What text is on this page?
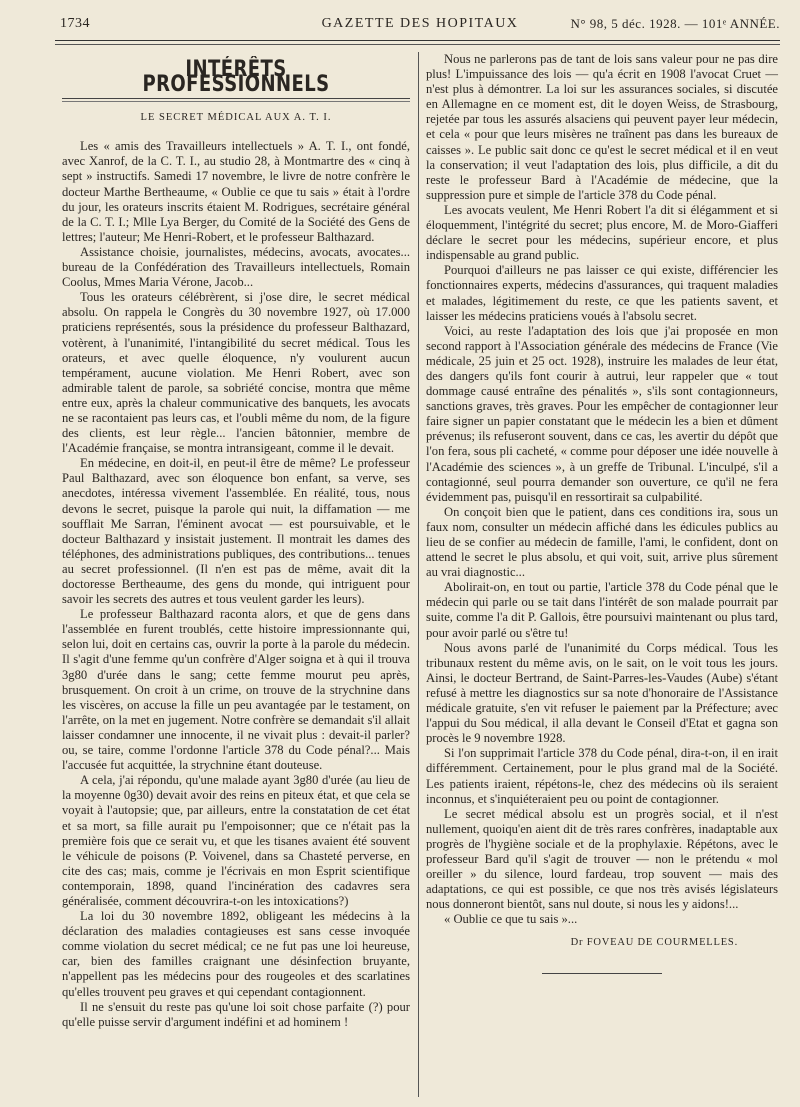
1734	GAZETTE DES HOPITAUX	N° 98, 5 déc. 1928. — 101ᵉ ANNÉE.
INTÉRÊTS PROFESSIONNELS
LE SECRET MÉDICAL AUX A. T. I.

Les « amis des Travailleurs intellectuels » A. T. I., ont fondé, avec Xanrof, de la C. T. I., au studio 28, à Montmartre des « cinq à sept » instructifs. Samedi 17 novembre, le livre de notre confrère le docteur Marthe Bertheaume, « Oublie ce que tu sais » était à l'ordre du jour, les orateurs inscrits étaient M. Rodrigues, secrétaire général de la C. T. I.; Mlle Lya Berger, du Comité de la Société des Gens de lettres; l'auteur; Me Henri-Robert, et le professeur Balthazard.

Assistance choisie, journalistes, médecins, avocats, avocates... bureau de la Confédération des Travailleurs intellectuels, Romain Coolus, Mmes Maria Vérone, Jacob...

Tous les orateurs célébrèrent, si j'ose dire, le secret médical absolu. On rappela le Congrès du 30 novembre 1927, où 17.000 praticiens représentés, sous la présidence du professeur Balthazard, votèrent, à l'unanimité, l'intangibilité du secret médical. Tous les orateurs, et avec quelle éloquence, n'y voulurent aucun tempérament, aucune violation. Me Henri Robert, avec son admirable talent de parole, sa sobriété concise, montra que même entre eux, après la chaleur communicative des banquets, les avocats ne se racontaient pas leurs cas, et l'oubli même du nom, de la figure des clients, est leur règle... l'ancien bâtonnier, membre de l'Académie française, se montra intransigeant, comme il le devait.

En médecine, en doit-il, en peut-il être de même? Le professeur Paul Balthazard, avec son éloquence bon enfant, sa verve, ses anecdotes, intéressa vivement l'assemblée. En réalité, tous, nous devons le secret, puisque la parole qui nuit, la diffamation — me soufflait Me Sarran, l'éminent avocat — est poursuivable, et le docteur Balthazard y insistait justement. Il montrait les dames des téléphones, des administrations publiques, des contributions... tenues au secret professionnel. (Il n'en est pas de même, avait dit la doctoresse Bertheaume, des gens du monde, qui intriguent pour savoir les secrets des autres et tous veulent garder les leurs).

Le professeur Balthazard raconta alors, et que de gens dans l'assemblée en furent troublés, cette histoire impressionnante qui, selon lui, doit en certains cas, ouvrir la porte à la parole du médecin. Il s'agit d'une femme qu'un confrère d'Alger soigna et à qui il trouva 3g80 d'urée dans le sang; cette femme mourut peu après, brusquement. On croit à un crime, on trouve de la strychnine dans les viscères, on accuse la fille un peu avantagée par le testament, on l'arrête, on la met en jugement. Notre confrère se demandait s'il allait laisser condamner une innocente, il ne vivait plus : devait-il parler? ou, se taire, comme l'ordonne l'article 378 du Code pénal?... Mais l'accusée fut acquittée, la strychnine étant douteuse.

A cela, j'ai répondu, qu'une malade ayant 3g80 d'urée (au lieu de la moyenne 0g30) devait avoir des reins en piteux état, et que cela se voyait à l'autopsie; que, par ailleurs, entre la constatation de cet état et sa mort, sa fille aurait pu l'empoisonner; que ce n'était pas la première fois que ce serait vu, et que les tisanes avaient été souvent le véhicule de poisons (P. Voivenel, dans sa Chasteté perverse, en cite des cas; mais, comme je l'écrivais en mon Esprit scientifique contemporain, 1898, quand l'incinération des cadavres sera généralisée, comment découvrira-t-on les intoxications?)

La loi du 30 novembre 1892, obligeant les médecins à la déclaration des maladies contagieuses est sans cesse invoquée comme violation du secret médical; ce ne fut pas une loi heureuse, car, bien des familles craignant une désinfection bruyante, n'appellent pas les médecins pour des rougeoles et des scarlatines qu'elles trouvent peu graves et qui cependant contagionnent.

Il ne s'ensuit du reste pas qu'une loi soit chose parfaite (?) pour qu'elle puisse servir d'argument indéfini et ad hominem !

Nous ne parlerons pas de tant de lois sans valeur pour ne pas dire plus! L'impuissance des lois — qu'a écrit en 1908 l'avocat Cruet — n'est plus à démontrer. La loi sur les assurances sociales, si discutée en Allemagne en ce moment est, dit le doyen Weiss, de Strasbourg, rejetée par tous les assurés alsaciens qui peuvent payer leur médecin, et cela « pour que leurs misères ne traînent pas dans les bureaux de caisses ». Le public sait donc ce qu'est le secret médical et il en veut la conservation; il veut l'adaptation des lois, plus difficile, a dit du reste le professeur Bard à l'Académie de médecine, que la suppression pure et simple de l'article 378 du Code pénal.

Les avocats veulent, Me Henri Robert l'a dit si élégamment et si éloquemment, l'intégrité du secret; plus encore, M. de Moro-Giafferi déclare le secret pour les médecins, supérieur encore, et plus indispensable au grand public.

Pourquoi d'ailleurs ne pas laisser ce qui existe, différencier les fonctionnaires experts, médecins d'assurances, qui traquent maladies et malades, légitimement du reste, ce que les patients savent, et laisser les médecins praticiens voués à l'absolu secret.

Voici, au reste l'adaptation des lois que j'ai proposée en mon second rapport à l'Association générale des médecins de France (Vie médicale, 25 juin et 25 oct. 1928), instruire les malades de leur état, des dangers qu'ils font courir à autrui, leur rappeler que « tout dommage causé entraîne des pénalités », s'ils sont contagionneurs, sanctions graves, très graves. Pour les empêcher de contagionner leur faire signer un papier constatant que le médecin les a bien et dûment prévenus; ils refuseront souvent, dans ce cas, les avertir du dépôt que l'on fera, sous pli cacheté, « comme pour déposer une idée nouvelle à l'Académie des sciences », à un greffe de Tribunal. L'inculpé, s'il a contagionné, seul pourra demander son ouverture, ce qu'il ne fera évidemment pas, puisqu'il en ressortirait sa culpabilité.

On conçoit bien que le patient, dans ces conditions ira, sous un faux nom, consulter un médecin affiché dans les édicules publics au lieu de se confier au médecin de famille, l'ami, le confident, dont on attend le secret le plus absolu, et qui voit, suit, arrive plus sûrement au vrai diagnostic...

Abolirait-on, en tout ou partie, l'article 378 du Code pénal que le médecin qui parle ou se tait dans l'intérêt de son malade pourrait par suite, comme l'a dit P. Gallois, être poursuivi maintenant ou plus tard, pour avoir parlé ou s'être tu!

Nous avons parlé de l'unanimité du Corps médical. Tous les tribunaux restent du même avis, on le sait, on le voit tous les jours. Ainsi, le docteur Bertrand, de Saint-Parres-les-Vaudes (Aube) s'étant refusé à mettre les diagnostics sur sa note d'honoraire de l'Assistance médicale gratuite, s'en vit refuser le paiement par la Préfecture; avec l'appui du Sou médical, il alla devant le Conseil d'Etat et gagna son procès le 9 novembre 1928.

Si l'on supprimait l'article 378 du Code pénal, dira-t-on, il en irait différemment. Certainement, pour le plus grand mal de la Société. Les patients iraient, répétons-le, chez des médecins où ils seraient inconnus, et s'inquiéteraient peu ou point de contagionner.

Le secret médical absolu est un progrès social, et il n'est nullement, quoiqu'en aient dit de très rares confrères, inadaptable aux progrès de l'hygiène sociale et de la prophylaxie. Répétons, avec le professeur Bard qu'il s'agit de trouver — non le prétendu « mol oreiller » du silence, lourd fardeau, trop souvent — mais des adaptations, ce qui est possible, ce que nos très avisés législateurs nous donneront bientôt, sans nul doute, si nous les y aidons!...

« Oublie ce que tu sais »...

Dr FOVEAU DE COURMELLES.
